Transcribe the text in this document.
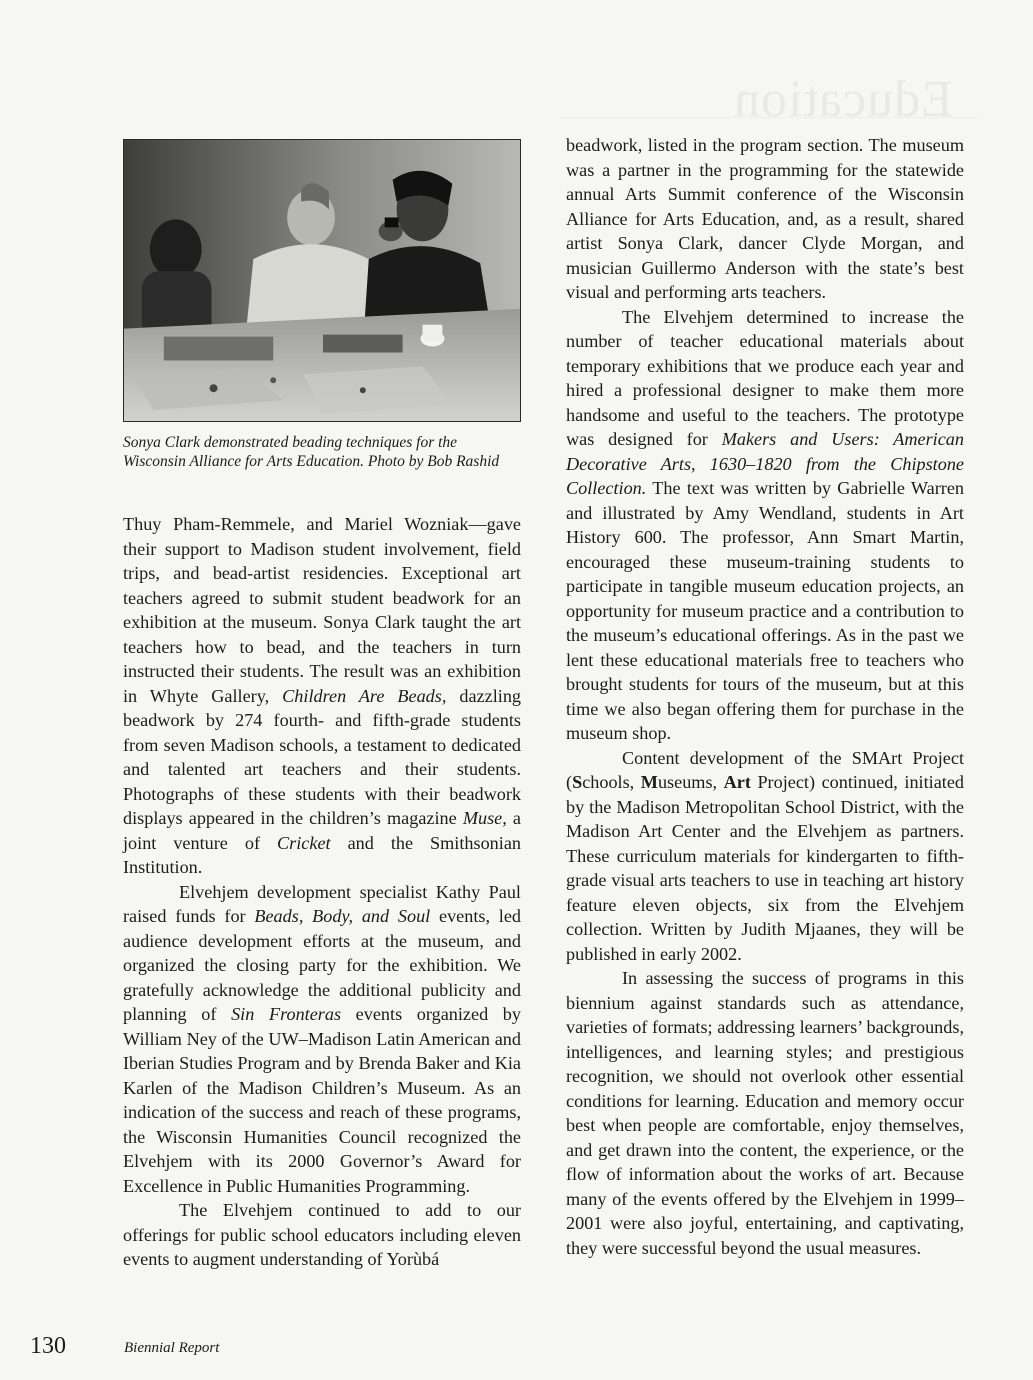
Education
Sonya Clark demonstrated beading techniques for the Wisconsin Alliance for Arts Education. Photo by Bob Rashid

Thuy Pham-Remmele, and Mariel Wozniak—gave their support to Madison student involvement, field trips, and bead-artist residencies. Exceptional art teachers agreed to submit student beadwork for an exhibition at the museum. Sonya Clark taught the art teachers how to bead, and the teachers in turn instructed their students. The result was an exhibition in Whyte Gallery, Children Are Beads, dazzling beadwork by 274 fourth- and fifth-grade students from seven Madison schools, a testament to dedicated and talented art teachers and their students. Photographs of these students with their beadwork displays appeared in the children’s magazine Muse, a joint venture of Cricket and the Smithsonian Institution.

Elvehjem development specialist Kathy Paul raised funds for Beads, Body, and Soul events, led audience development efforts at the museum, and organized the closing party for the exhibition. We gratefully acknowledge the additional publicity and planning of Sin Fronteras events organized by William Ney of the UW–Madison Latin American and Iberian Studies Program and by Brenda Baker and Kia Karlen of the Madison Children’s Museum. As an indication of the success and reach of these programs, the Wisconsin Humanities Council recognized the Elvehjem with its 2000 Governor’s Award for Excellence in Public Humanities Programming.

The Elvehjem continued to add to our offerings for public school educators including eleven events to augment understanding of Yorùbá

beadwork, listed in the program section. The museum was a partner in the programming for the statewide annual Arts Summit conference of the Wisconsin Alliance for Arts Education, and, as a result, shared artist Sonya Clark, dancer Clyde Morgan, and musician Guillermo Anderson with the state’s best visual and performing arts teachers.

The Elvehjem determined to increase the number of teacher educational materials about temporary exhibitions that we produce each year and hired a professional designer to make them more handsome and useful to the teachers. The prototype was designed for Makers and Users: American Decorative Arts, 1630–1820 from the Chipstone Collection. The text was written by Gabrielle Warren and illustrated by Amy Wendland, students in Art History 600. The professor, Ann Smart Martin, encouraged these museum-training students to participate in tangible museum education projects, an opportunity for museum practice and a contribution to the museum’s educational offerings. As in the past we lent these educational materials free to teachers who brought students for tours of the museum, but at this time we also began offering them for purchase in the museum shop.

Content development of the SMArt Project (Schools, Museums, Art Project) continued, initiated by the Madison Metropolitan School District, with the Madison Art Center and the Elvehjem as partners. These curriculum materials for kindergarten to fifth-grade visual arts teachers to use in teaching art history feature eleven objects, six from the Elvehjem collection. Written by Judith Mjaanes, they will be published in early 2002.

In assessing the success of programs in this biennium against standards such as attendance, varieties of formats; addressing learners’ backgrounds, intelligences, and learning styles; and prestigious recognition, we should not overlook other essential conditions for learning. Education and memory occur best when people are comfortable, enjoy themselves, and get drawn into the content, the experience, or the flow of information about the works of art. Because many of the events offered by the Elvehjem in 1999–2001 were also joyful, entertaining, and captivating, they were successful beyond the usual measures.

130	Biennial Report
